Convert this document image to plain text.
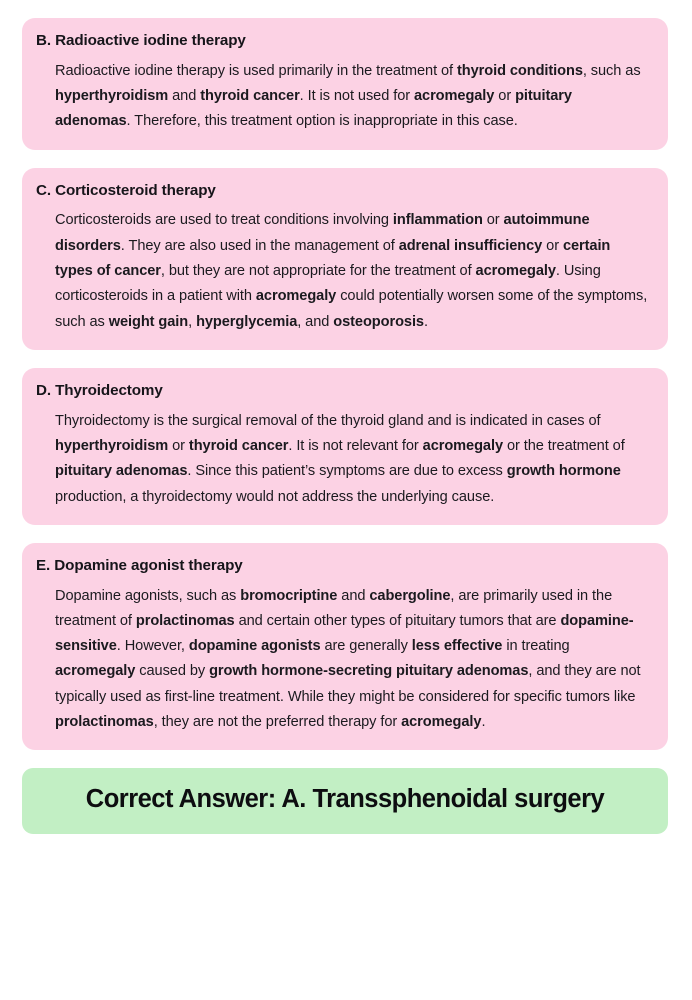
B. Radioactive iodine therapy
Radioactive iodine therapy is used primarily in the treatment of thyroid conditions, such as hyperthyroidism and thyroid cancer. It is not used for acromegaly or pituitary adenomas. Therefore, this treatment option is inappropriate in this case.
C. Corticosteroid therapy
Corticosteroids are used to treat conditions involving inflammation or autoimmune disorders. They are also used in the management of adrenal insufficiency or certain types of cancer, but they are not appropriate for the treatment of acromegaly. Using corticosteroids in a patient with acromegaly could potentially worsen some of the symptoms, such as weight gain, hyperglycemia, and osteoporosis.
D. Thyroidectomy
Thyroidectomy is the surgical removal of the thyroid gland and is indicated in cases of hyperthyroidism or thyroid cancer. It is not relevant for acromegaly or the treatment of pituitary adenomas. Since this patient’s symptoms are due to excess growth hormone production, a thyroidectomy would not address the underlying cause.
E. Dopamine agonist therapy
Dopamine agonists, such as bromocriptine and cabergoline, are primarily used in the treatment of prolactinomas and certain other types of pituitary tumors that are dopamine-sensitive. However, dopamine agonists are generally less effective in treating acromegaly caused by growth hormone-secreting pituitary adenomas, and they are not typically used as first-line treatment. While they might be considered for specific tumors like prolactinomas, they are not the preferred therapy for acromegaly.
Correct Answer: A. Transsphenoidal surgery
